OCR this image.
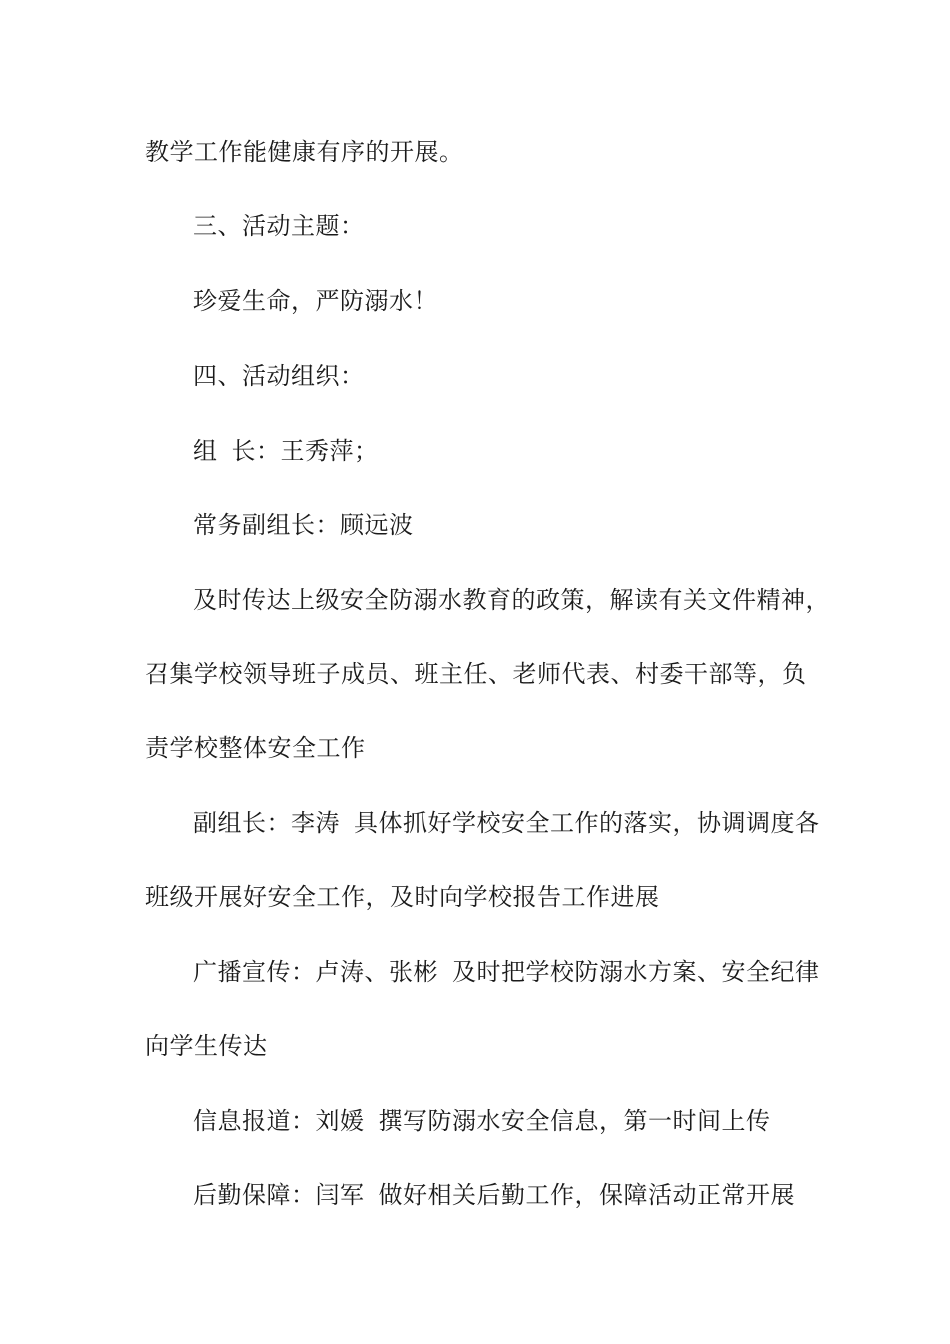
教学工作能健康有序的开展。
三、活动主题：
珍爱生命，严防溺水！
四、活动组织：
组 长：王秀萍；
常务副组长：顾远波
及时传达上级安全防溺水教育的政策，解读有关文件精神，
召集学校领导班子成员、班主任、老师代表、村委干部等，负
责学校整体安全工作
副组长：李涛 具体抓好学校安全工作的落实，协调调度各
班级开展好安全工作，及时向学校报告工作进展
广播宣传：卢涛、张彬 及时把学校防溺水方案、安全纪律
向学生传达
信息报道：刘媛 撰写防溺水安全信息，第一时间上传
后勤保障：闫军 做好相关后勤工作，保障活动正常开展
